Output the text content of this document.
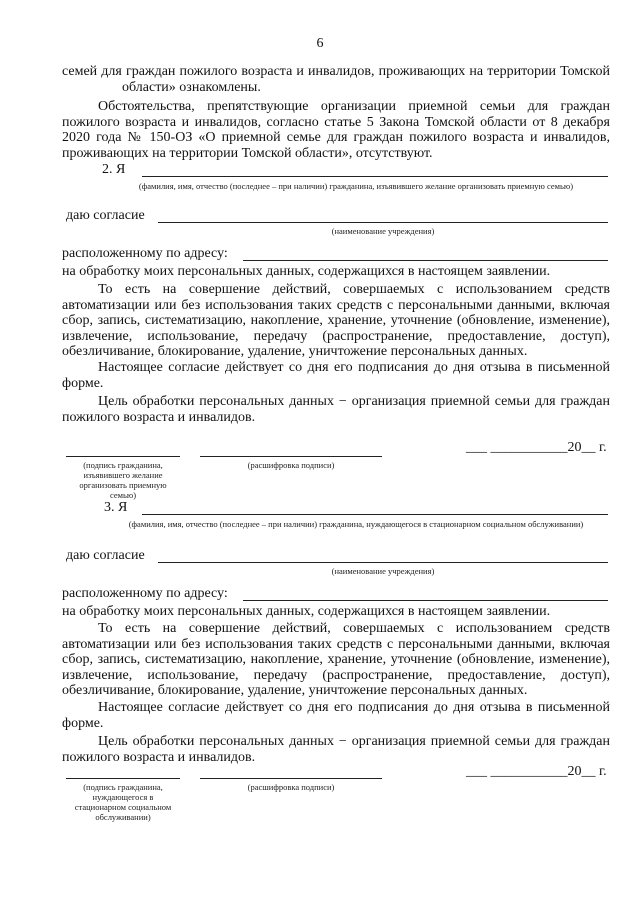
6
семей для граждан пожилого возраста и инвалидов, проживающих на территории Томской
области» ознакомлены.
Обстоятельства, препятствующие организации приемной семьи для граждан пожилого возраста и инвалидов, согласно статье 5 Закона Томской области от 8 декабря 2020 года № 150-ОЗ «О приемной семье для граждан пожилого возраста и инвалидов, проживающих на территории Томской области», отсутствуют.
2. Я
(фамилия, имя, отчество (последнее – при наличии) гражданина, изъявившего желание организовать приемную семью)
даю согласие
(наименование учреждения)
расположенному по адресу:
на обработку моих персональных данных, содержащихся в настоящем заявлении.
То есть на совершение действий, совершаемых с использованием средств автоматизации или без использования таких средств с персональными данными, включая сбор, запись, систематизацию, накопление, хранение, уточнение (обновление, изменение), извлечение, использование, передачу (распространение, предоставление, доступ), обезличивание, блокирование, удаление, уничтожение персональных данных.
Настоящее согласие действует со дня его подписания до дня отзыва в письменной форме.
Цель обработки персональных данных − организация приемной семьи для граждан пожилого возраста и инвалидов.
___ ___________20__ г.
(подпись гражданина, изъявившего желание организовать приемную семью)
(расшифровка подписи)
3. Я
(фамилия, имя, отчество (последнее – при наличии) гражданина, нуждающегося в стационарном социальном обслуживании)
даю согласие
(наименование учреждения)
расположенному по адресу:
на обработку моих персональных данных, содержащихся в настоящем заявлении.
То есть на совершение действий, совершаемых с использованием средств автоматизации или без использования таких средств с персональными данными, включая сбор, запись, систематизацию, накопление, хранение, уточнение (обновление, изменение), извлечение, использование, передачу (распространение, предоставление, доступ), обезличивание, блокирование, удаление, уничтожение персональных данных.
Настоящее согласие действует со дня его подписания до дня отзыва в письменной форме.
Цель обработки персональных данных − организация приемной семьи для граждан пожилого возраста и инвалидов.
___ ___________20__ г.
(подпись гражданина, нуждающегося в стационарном социальном обслуживании)
(расшифровка подписи)
